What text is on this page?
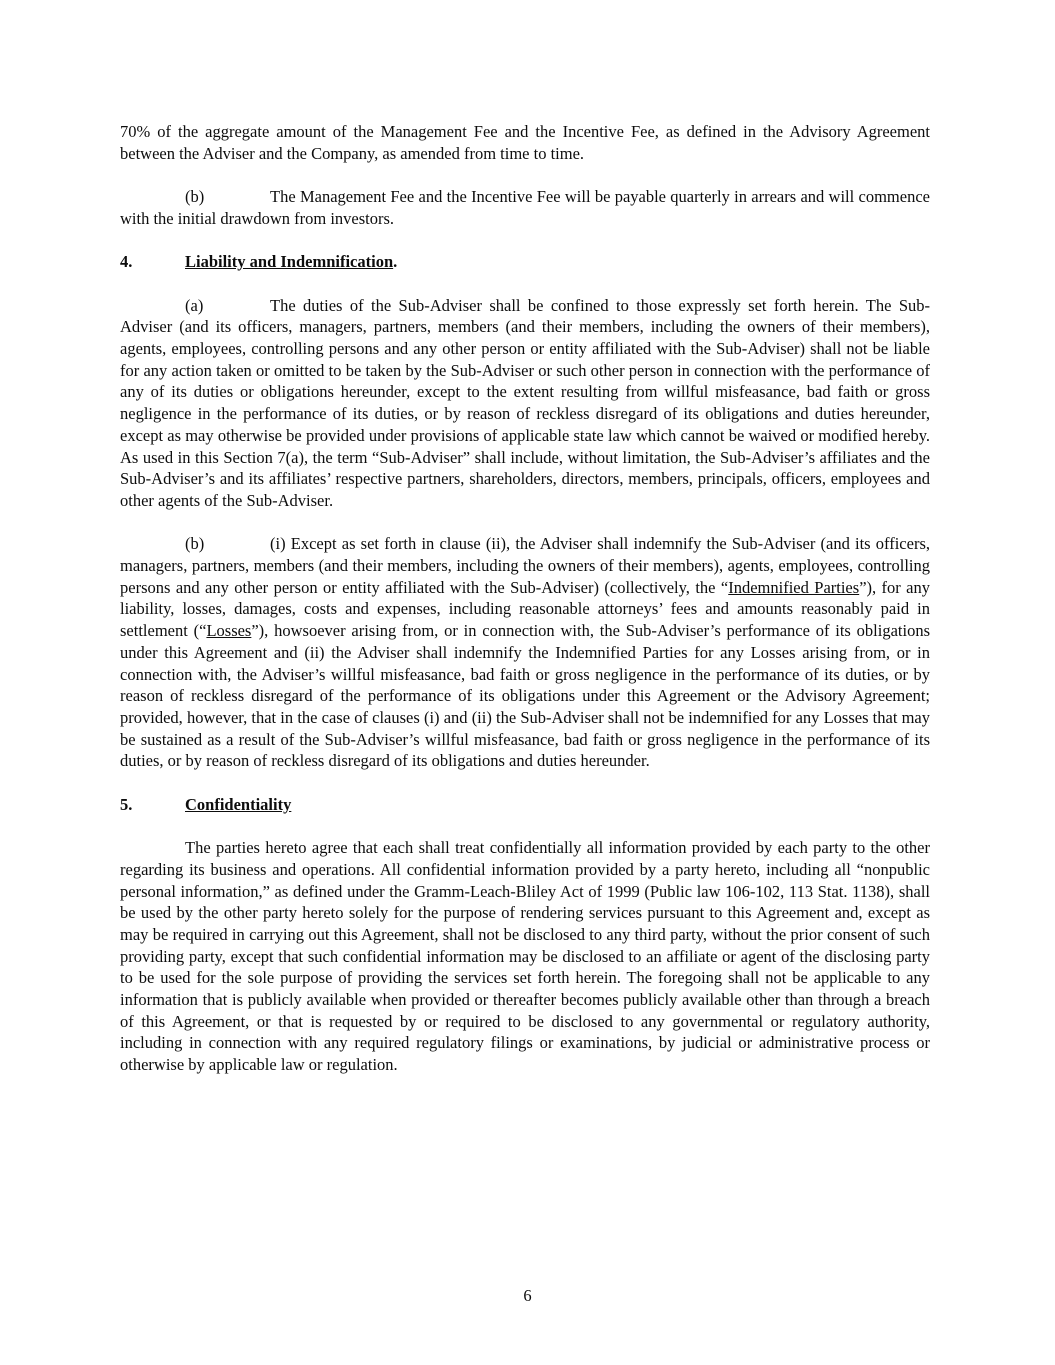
70% of the aggregate amount of the Management Fee and the Incentive Fee, as defined in the Advisory Agreement between the Adviser and the Company, as amended from time to time.

(b)	The Management Fee and the Incentive Fee will be payable quarterly in arrears and will commence with the initial drawdown from investors.

4.	Liability and Indemnification.

(a)	The duties of the Sub-Adviser shall be confined to those expressly set forth herein. The Sub-Adviser (and its officers, managers, partners, members (and their members, including the owners of their members), agents, employees, controlling persons and any other person or entity affiliated with the Sub-Adviser) shall not be liable for any action taken or omitted to be taken by the Sub-Adviser or such other person in connection with the performance of any of its duties or obligations hereunder, except to the extent resulting from willful misfeasance, bad faith or gross negligence in the performance of its duties, or by reason of reckless disregard of its obligations and duties hereunder, except as may otherwise be provided under provisions of applicable state law which cannot be waived or modified hereby. As used in this Section 7(a), the term “Sub-Adviser” shall include, without limitation, the Sub-Adviser’s affiliates and the Sub-Adviser’s and its affiliates’ respective partners, shareholders, directors, members, principals, officers, employees and other agents of the Sub-Adviser.

(b)	(i) Except as set forth in clause (ii), the Adviser shall indemnify the Sub-Adviser (and its officers, managers, partners, members (and their members, including the owners of their members), agents, employees, controlling persons and any other person or entity affiliated with the Sub-Adviser) (collectively, the “Indemnified Parties”), for any liability, losses, damages, costs and expenses, including reasonable attorneys’ fees and amounts reasonably paid in settlement (“Losses”), howsoever arising from, or in connection with, the Sub-Adviser’s performance of its obligations under this Agreement and (ii) the Adviser shall indemnify the Indemnified Parties for any Losses arising from, or in connection with, the Adviser’s willful misfeasance, bad faith or gross negligence in the performance of its duties, or by reason of reckless disregard of the performance of its obligations under this Agreement or the Advisory Agreement; provided, however, that in the case of clauses (i) and (ii) the Sub-Adviser shall not be indemnified for any Losses that may be sustained as a result of the Sub-Adviser’s willful misfeasance, bad faith or gross negligence in the performance of its duties, or by reason of reckless disregard of its obligations and duties hereunder.

5.	Confidentiality

The parties hereto agree that each shall treat confidentially all information provided by each party to the other regarding its business and operations. All confidential information provided by a party hereto, including all “nonpublic personal information,” as defined under the Gramm-Leach-Bliley Act of 1999 (Public law 106-102, 113 Stat. 1138), shall be used by the other party hereto solely for the purpose of rendering services pursuant to this Agreement and, except as may be required in carrying out this Agreement, shall not be disclosed to any third party, without the prior consent of such providing party, except that such confidential information may be disclosed to an affiliate or agent of the disclosing party to be used for the sole purpose of providing the services set forth herein. The foregoing shall not be applicable to any information that is publicly available when provided or thereafter becomes publicly available other than through a breach of this Agreement, or that is requested by or required to be disclosed to any governmental or regulatory authority, including in connection with any required regulatory filings or examinations, by judicial or administrative process or otherwise by applicable law or regulation.

6
